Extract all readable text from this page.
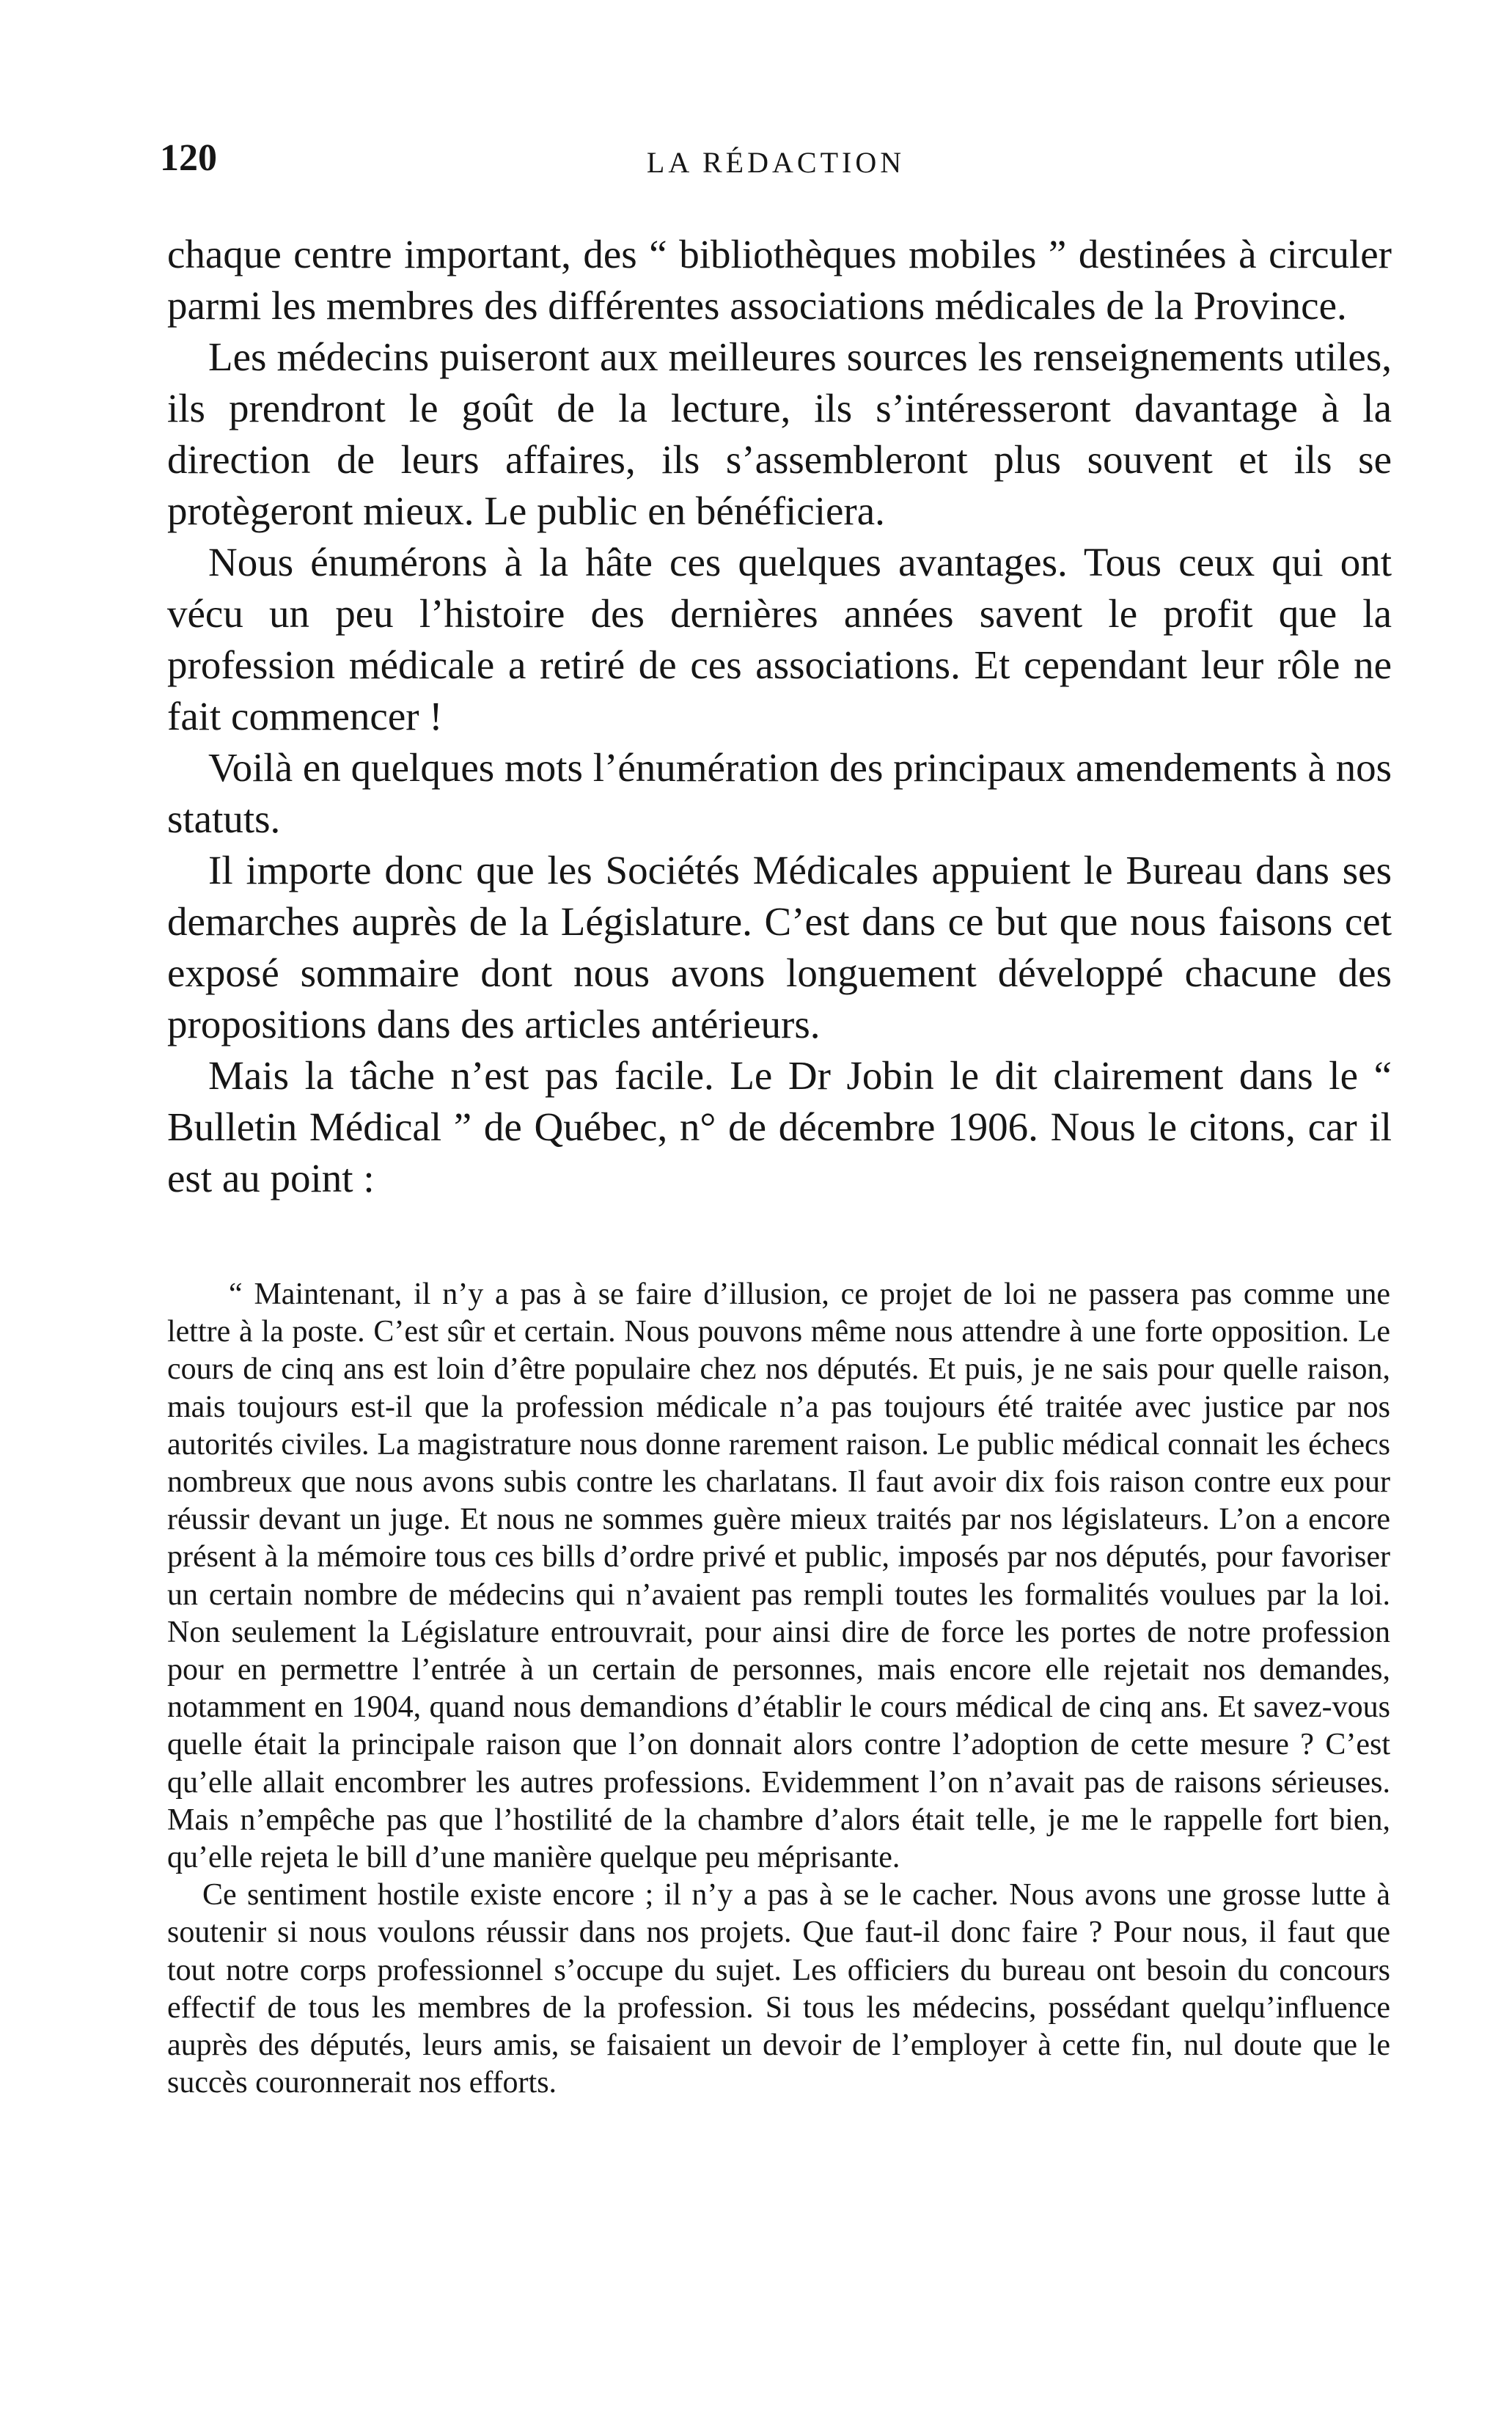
120	LA RÉDACTION

chaque centre important, des “ bibliothèques mobiles ” destinées à circuler parmi les membres des différentes associations médicales de la Province.

Les médecins puiseront aux meilleures sources les renseignements utiles, ils prendront le goût de la lecture, ils s’intéresseront davantage à la direction de leurs affaires, ils s’assembleront plus souvent et ils se protègeront mieux. Le public en bénéficiera.

Nous énumérons à la hâte ces quelques avantages. Tous ceux qui ont vécu un peu l’histoire des dernières années savent le profit que la profession médicale a retiré de ces associations. Et cependant leur rôle ne fait commencer !

Voilà en quelques mots l’énumération des principaux amendements à nos statuts.

Il importe donc que les Sociétés Médicales appuient le Bureau dans ses demarches auprès de la Législature. C’est dans ce but que nous faisons cet exposé sommaire dont nous avons longuement développé chacune des propositions dans des articles antérieurs.

Mais la tâche n’est pas facile. Le Dr Jobin le dit clairement dans le “ Bulletin Médical ” de Québec, n° de décembre 1906. Nous le citons, car il est au point :

“ Maintenant, il n’y a pas à se faire d’illusion, ce projet de loi ne passera pas comme une lettre à la poste. C’est sûr et certain. Nous pouvons même nous attendre à une forte opposition. Le cours de cinq ans est loin d’être populaire chez nos députés. Et puis, je ne sais pour quelle raison, mais toujours est-il que la profession médicale n’a pas toujours été traitée avec justice par nos autorités civiles. La magistrature nous donne rarement raison. Le public médical connait les échecs nombreux que nous avons subis contre les charlatans. Il faut avoir dix fois raison contre eux pour réussir devant un juge. Et nous ne sommes guère mieux traités par nos législateurs. L’on a encore présent à la mémoire tous ces bills d’ordre privé et public, imposés par nos députés, pour favoriser un certain nombre de médecins qui n’avaient pas rempli toutes les formalités voulues par la loi. Non seulement la Législature entrouvrait, pour ainsi dire de force les portes de notre profession pour en permettre l’entrée à un certain de personnes, mais encore elle rejetait nos demandes, notamment en 1904, quand nous demandions d’établir le cours médical de cinq ans. Et savez-vous quelle était la principale raison que l’on donnait alors contre l’adoption de cette mesure ? C’est qu’elle allait encombrer les autres professions. Evidemment l’on n’avait pas de raisons sérieuses. Mais n’empêche pas que l’hostilité de la chambre d’alors était telle, je me le rappelle fort bien, qu’elle rejeta le bill d’une manière quelque peu méprisante.

Ce sentiment hostile existe encore ; il n’y a pas à se le cacher. Nous avons une grosse lutte à soutenir si nous voulons réussir dans nos projets. Que faut-il donc faire ? Pour nous, il faut que tout notre corps professionnel s’occupe du sujet. Les officiers du bureau ont besoin du concours effectif de tous les membres de la profession. Si tous les médecins, possédant quelqu’influence auprès des députés, leurs amis, se faisaient un devoir de l’employer à cette fin, nul doute que le succès couronnerait nos efforts.
